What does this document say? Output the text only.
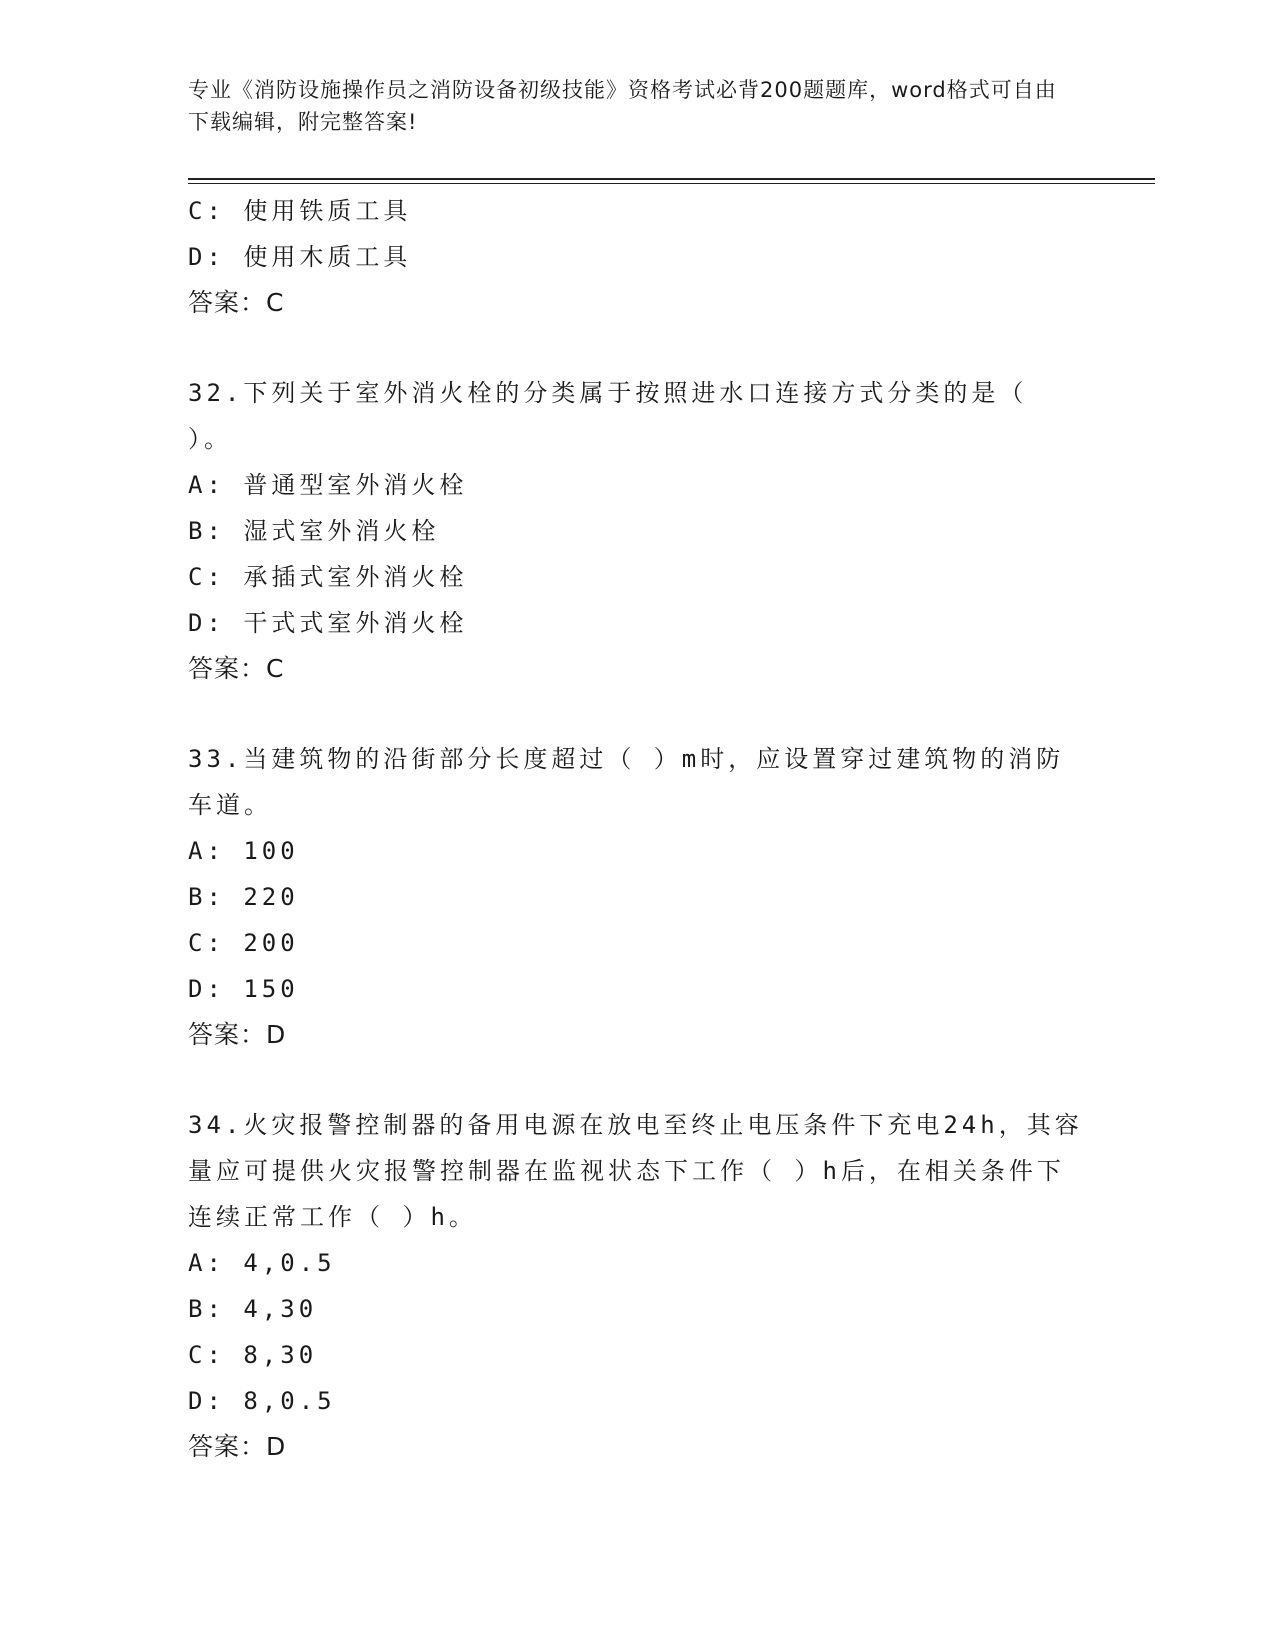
专业《消防设施操作员之消防设备初级技能》资格考试必背200题题库，word格式可自由下载编辑，附完整答案!
C: 使用铁质工具
D: 使用木质工具
答案：C
32.下列关于室外消火栓的分类属于按照进水口连接方式分类的是（ ）。
A: 普通型室外消火栓
B: 湿式室外消火栓
C: 承插式室外消火栓
D: 干式式室外消火栓
答案：C
33.当建筑物的沿街部分长度超过（ ）m时，应设置穿过建筑物的消防车道。
A: 100
B: 220
C: 200
D: 150
答案：D
34.火灾报警控制器的备用电源在放电至终止电压条件下充电24h，其容量应可提供火灾报警控制器在监视状态下工作（ ）h后，在相关条件下连续正常工作（ ）h。
A: 4,0.5
B: 4,30
C: 8,30
D: 8,0.5
答案：D
